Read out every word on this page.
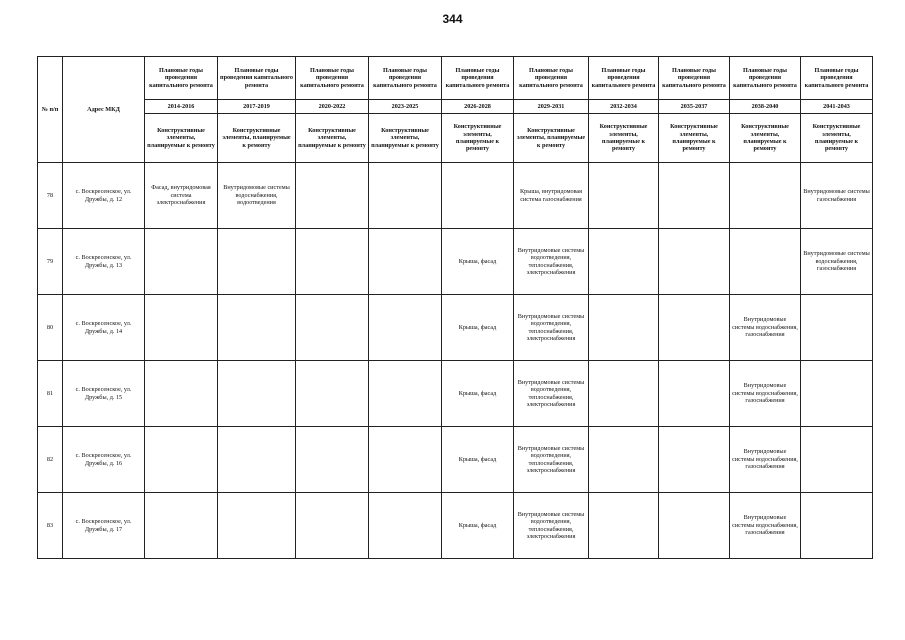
344
№ п/п	Адрес МКД	Плановые годы проведения капитального ремонта	Плановые годы проведения капитального ремонта	Плановые годы проведения капитального ремонта	Плановые годы проведения капитального ремонта	Плановые годы проведения капитального ремонта	Плановые годы проведения капитального ремонта	Плановые годы проведения капитального ремонта	Плановые годы проведения капитального ремонта	Плановые годы проведения капитального ремонта	Плановые годы проведения капитального ремонта
		2014-2016	2017-2019	2020-2022	2023-2025	2026-2028	2029-2031	2032-2034	2035-2037	2038-2040	2041-2043
		Конструктивные элементы, планируемые к ремонту	Конструктивные элементы, планируемые к ремонту	Конструктивные элементы, планируемые к ремонту	Конструктивные элементы, планируемые к ремонту	Конструктивные элементы, планируемые к ремонту	Конструктивные элементы, планируемые к ремонту	Конструктивные элементы, планируемые к ремонту	Конструктивные элементы, планируемые к ремонту	Конструктивные элементы, планируемые к ремонту	Конструктивные элементы, планируемые к ремонту
78	с. Воскресенское, ул. Дружбы, д. 12	Фасад, внутридомовая система электроснабжения	Внутридомовые системы водоснабжения, водоотведения				Крыша, внутридомовая система газоснабжения				Внутридомовые системы газоснабжения
79	с. Воскресенское, ул. Дружбы, д. 13					Крыша, фасад	Внутридомовые системы водоотведения, теплоснабжения, электроснабжения				Внутридомовые системы водоснабжения, газоснабжения
80	с. Воскресенское, ул. Дружбы, д. 14					Крыша, фасад	Внутридомовые системы водоотведения, теплоснабжения, электроснабжения			Внутридомовые системы водоснабжения, газоснабжения	
81	с. Воскресенское, ул. Дружбы, д. 15					Крыша, фасад	Внутридомовые системы водоотведения, теплоснабжения, электроснабжения			Внутридомовые системы водоснабжения, газоснабжения	
82	с. Воскресенское, ул. Дружбы, д. 16					Крыша, фасад	Внутридомовые системы водоотведения, теплоснабжения, электроснабжения			Внутридомовые системы водоснабжения, газоснабжения	
83	с. Воскресенское, ул. Дружбы, д. 17					Крыша, фасад	Внутридомовые системы водоотведения, теплоснабжения, электроснабжения			Внутридомовые системы водоснабжения, газоснабжения	
